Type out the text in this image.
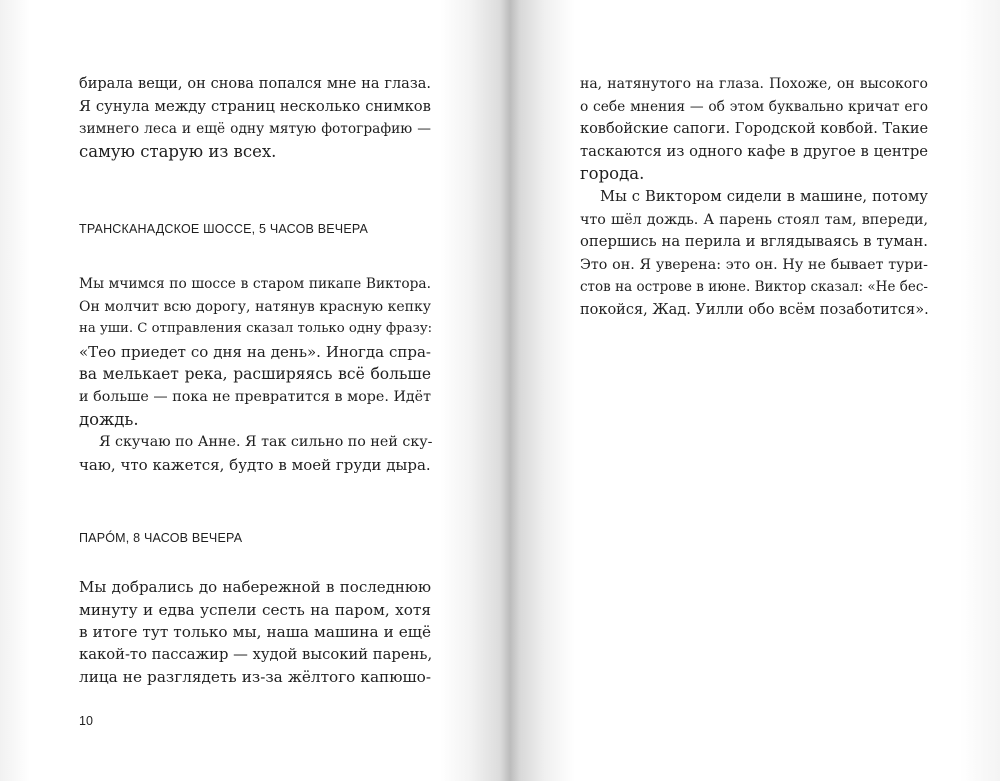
бирала вещи, он снова попался мне на глаза.
Я сунула между страниц несколько снимков
зимнего леса и ещё одну мятую фотографию —
самую старую из всех.
ТРАНСКАНАДСКОЕ ШОССЕ, 5 ЧАСОВ ВЕЧЕРА
Мы мчимся по шоссе в старом пикапе Виктора.
Он молчит всю дорогу, натянув красную кепку
на уши. С отправления сказал только одну фразу:
«Тео приедет со дня на день». Иногда спра-
ва мелькает река, расширяясь всё больше
и больше — пока не превратится в море. Идёт
дождь.
Я скучаю по Анне. Я так сильно по ней ску-
чаю, что кажется, будто в моей груди дыра.
ПАРÓМ, 8 ЧАСОВ ВЕЧЕРА
Мы добрались до набережной в последнюю
минуту и едва успели сесть на паром, хотя
в итоге тут только мы, наша машина и ещё
какой-то пассажир — худой высокий парень,
лица не разглядеть из-за жёлтого капюшо-
10
на, натянутого на глаза. Похоже, он высокого
о себе мнения — об этом буквально кричат его
ковбойские сапоги. Городской ковбой. Такие
таскаются из одного кафе в другое в центре
города.
Мы с Виктором сидели в машине, потому
что шёл дождь. А парень стоял там, впереди,
опершись на перила и вглядываясь в туман.
Это он. Я уверена: это он. Ну не бывает тури-
стов на острове в июне. Виктор сказал: «Не бес-
покойся, Жад. Уилли обо всём позаботится».
